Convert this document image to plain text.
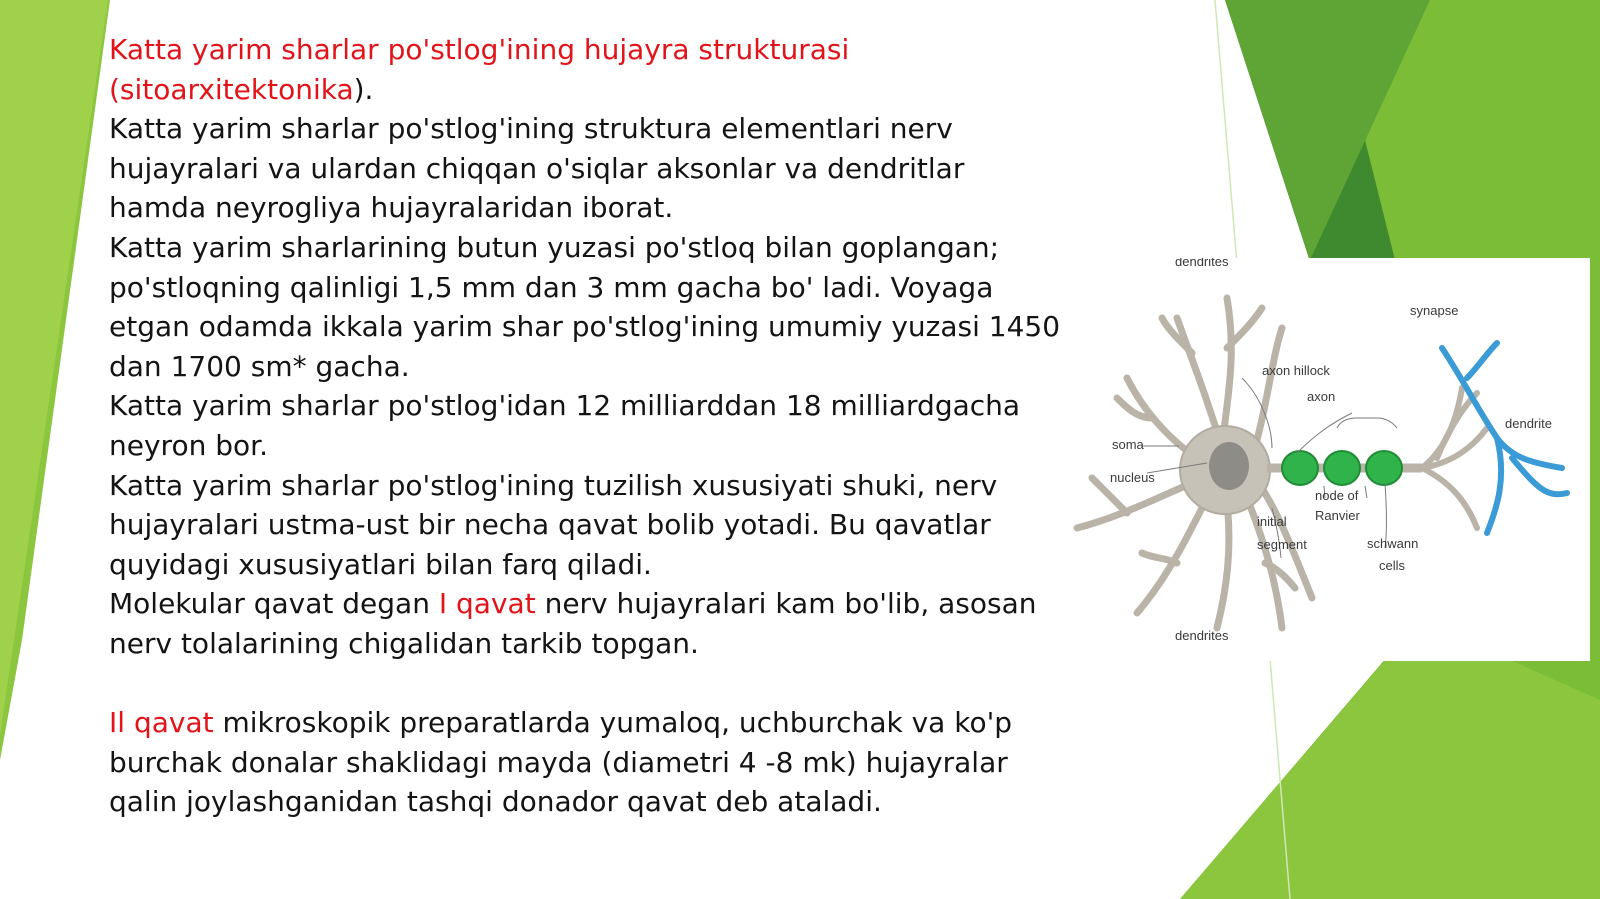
Katta yarim sharlar po'stlog'ining hujayra strukturasi
(sitoarxitektonika).

Katta yarim sharlar po'stlog'ining struktura elementlari nerv hujayralari va ulardan chiqqan o'siqlar aksonlar va dendritlar hamda neyrogliya hujayralaridan iborat.

Katta yarim sharlarining butun yuzasi po'stloq bilan goplangan; po'stloqning qalinligi 1,5 mm dan 3 mm gacha bo' ladi. Voyaga etgan odamda ikkala yarim shar po'stlog'ining umumiy yuzasi 1450 dan 1700 sm* gacha.

Katta yarim sharlar po'stlog'idan 12 milliarddan 18 milliardgacha neyron bor.

Katta yarim sharlar po'stlog'ining tuzilish xususiyati shuki, nerv hujayralari ustma-ust bir necha qavat bolib yotadi. Bu qavatlar quyidagi xususiyatlari bilan farq qiladi.

Molekular qavat degan I qavat nerv hujayralari kam bo'lib, asosan nerv tolalarining chigalidan tarkib topgan.

Il qavat mikroskopik preparatlarda yumaloq, uchburchak va ko'p burchak donalar shaklidagi mayda (diametri 4 -8 mk) hujayralar qalin joylashganidan tashqi donador qavat deb ataladi.

dendrites
synapse
axon hillock
axon
dendrite
soma
nucleus
node of
Ranvier
initial
segment	schwann
cells
dendrites
